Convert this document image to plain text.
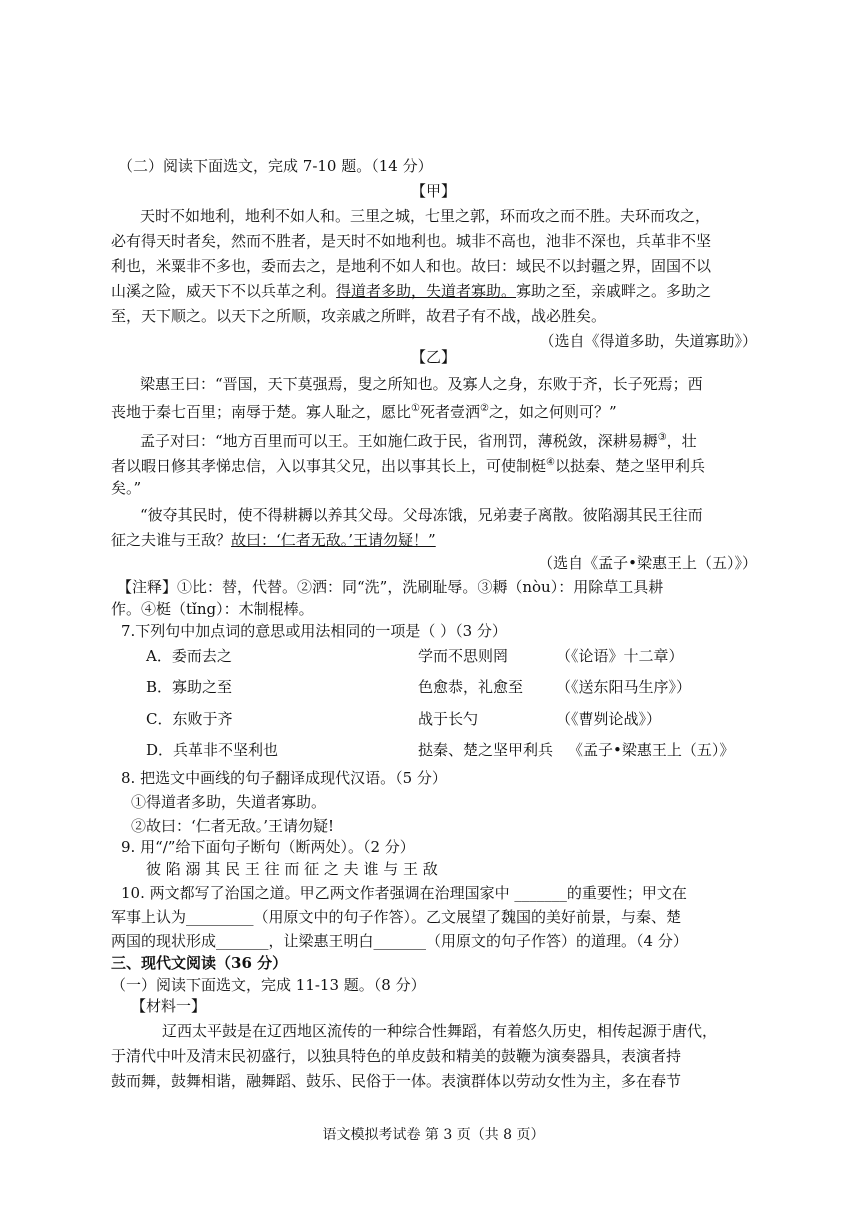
（二）阅读下面选文，完成 7-10 题。（14 分）
【甲】
天时不如地利，地利不如人和。三里之城，七里之郭，环而攻之而不胜。夫环而攻之，
必有得天时者矣，然而不胜者，是天时不如地利也。城非不高也，池非不深也，兵革非不坚
利也，米粟非不多也，委而去之，是地利不如人和也。故曰：域民不以封疆之界，固国不以
山溪之险，威天下不以兵革之利。得道者多助，失道者寡助。寡助之至，亲戚畔之。多助之
至，天下顺之。以天下之所顺，攻亲戚之所畔，故君子有不战，战必胜矣。
（选自《得道多助，失道寡助》）
【乙】
梁惠王曰：“晋国，天下莫强焉，叟之所知也。及寡人之身，东败于齐，长子死焉；西
丧地于秦七百里；南辱于楚。寡人耻之，愿比①死者壹洒②之，如之何则可？”
孟子对曰：“地方百里而可以王。王如施仁政于民，省刑罚，薄税敛，深耕易耨③，壮
者以暇日修其孝悌忠信，入以事其父兄，出以事其长上，可使制梃④以挞秦、楚之坚甲利兵
矣。”
“彼夺其民时，使不得耕耨以养其父母。父母冻饿，兄弟妻子离散。彼陷溺其民王往而
征之夫谁与王敌？故曰：‘仁者无敌。’王请勿疑！”
（选自《孟子•梁惠王上（五）》）
【注释】①比：替，代替。②洒：同“洗”，洗刷耻辱。③耨（nòu）：用除草工具耕
作。④梃（tǐng）：木制棍棒。
7.下列句中加点词的意思或用法相同的一项是（ ）（3 分）
A．委而去之	学而不思则罔	（《论语》十二章）
B．寡助之至	色愈恭，礼愈至 （《送东阳马生序》）
C．东败于齐	战于长勺	（《曹刿论战》）
D．兵革非不坚利也	挞秦、楚之坚甲利兵 《孟子•梁惠王上（五）》
8. 把选文中画线的句子翻译成现代汉语。（5 分）
①得道者多助，失道者寡助。
②故曰：‘仁者无敌。’王请勿疑!
9. 用“/”给下面句子断句（断两处）。（2 分）
彼 陷 溺 其 民 王 往 而 征 之 夫 谁 与 王 敌
10. 两文都写了治国之道。甲乙两文作者强调在治理国家中 _______的重要性；甲文在
军事上认为_________（用原文中的句子作答）。乙文展望了魏国的美好前景，与秦、楚
两国的现状形成_______，让梁惠王明白_______（用原文的句子作答）的道理。（4 分）
三、现代文阅读（36 分）
（一）阅读下面选文，完成 11-13 题。（8 分）
【材料一】
辽西太平鼓是在辽西地区流传的一种综合性舞蹈，有着悠久历史，相传起源于唐代，
于清代中叶及清末民初盛行，以独具特色的单皮鼓和精美的鼓鞭为演奏器具，表演者持
鼓而舞，鼓舞相谐，融舞蹈、鼓乐、民俗于一体。表演群体以劳动女性为主，多在春节
语文模拟考试卷 第 3 页（共 8 页）
